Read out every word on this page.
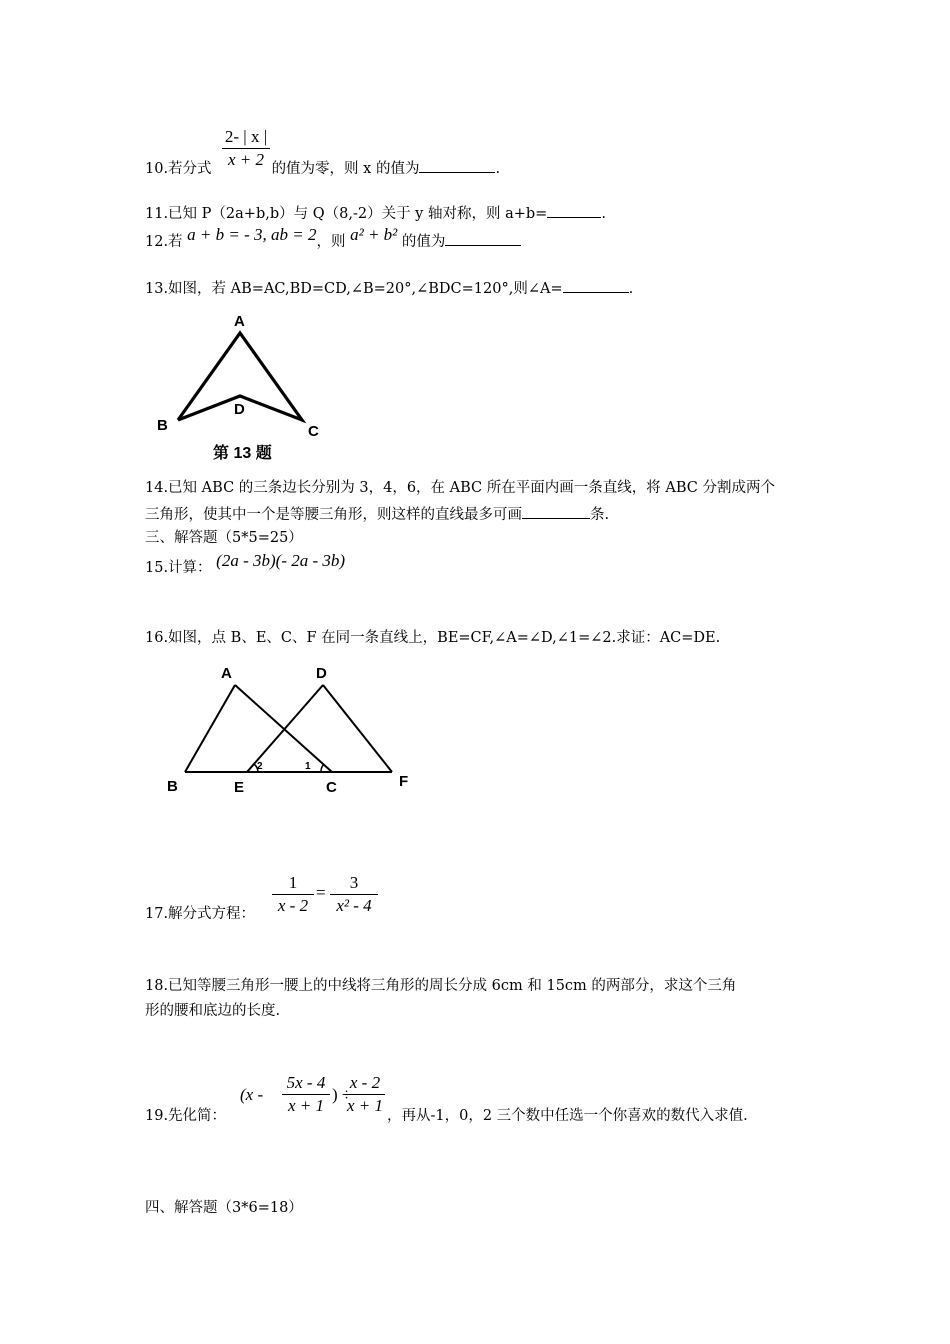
2- | x |
x + 2
10.若分式	的值为零，则 x 的值为	.
11.已知 P（2a+b,b）与 Q（8,-2）关于 y 轴对称，则 a+b=	.
12.若 a + b = - 3, ab = 2，则 a² + b² 的值为
13.如图，若 AB=AC,BD=CD,∠B=20°,∠BDC=120°,则∠A=	.
A
D
B	C
第 13 题
14.已知 ABC 的三条边长分别为 3，4，6，在 ABC 所在平面内画一条直线，将 ABC 分割成两个
三角形，使其中一个是等腰三角形，则这样的直线最多可画	条.
三、解答题（5*5=25）
15.计算： (2a - 3b)(- 2a - 3b)
16.如图，点 B、E、C、F 在同一条直线上，BE=CF,∠A=∠D,∠1=∠2.求证：AC=DE.
A	D
B	E	C	F
2	1
1
x - 2
=
3
x² - 4
17.解分式方程：
18.已知等腰三角形一腰上的中线将三角形的周长分成 6cm 和 15cm 的两部分，求这个三角
形的腰和底边的长度.
(x -
5x - 4
x + 1
) ÷
x - 2
x + 1
19.先化简：	，再从-1，0，2 三个数中任选一个你喜欢的数代入求值.
四、解答题（3*6=18）
